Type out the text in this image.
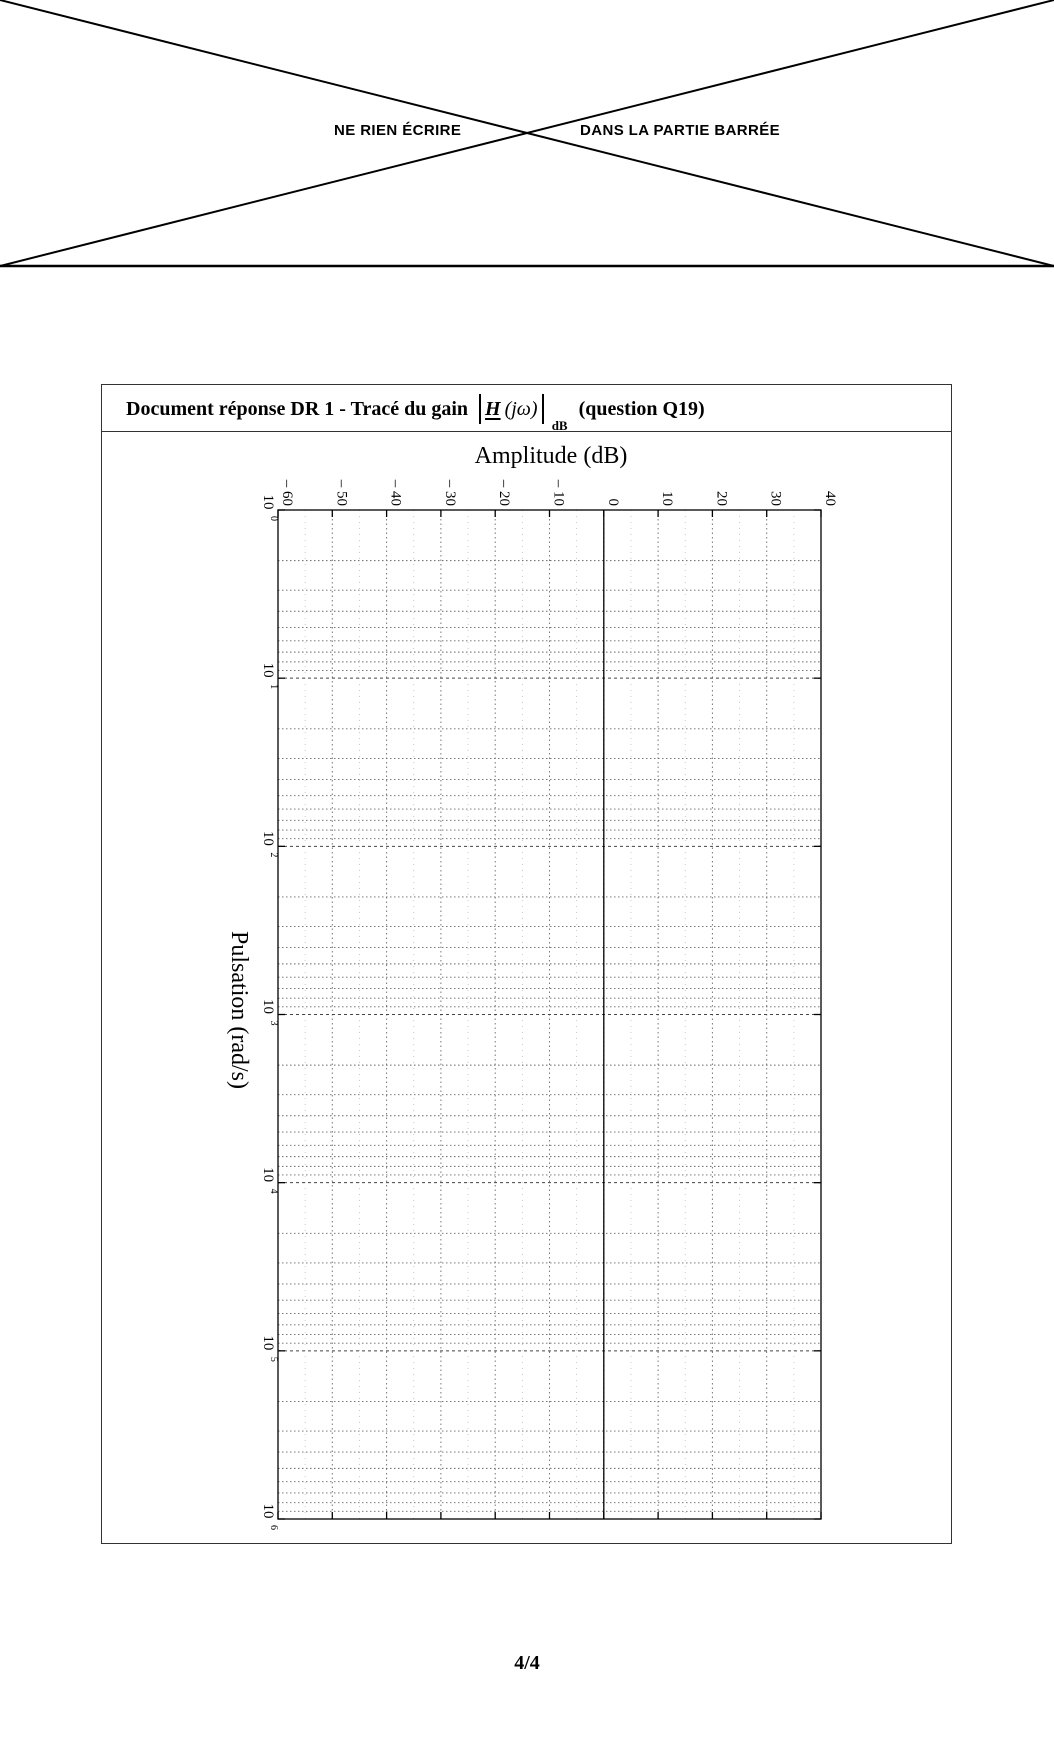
NE RIEN ÉCRIRE	DANS LA PARTIE BARRÉE
Document réponse DR 1 - Tracé du gain H (jω)
dB
(question Q19)
– 60	– 50	– 40	– 30	– 20	– 10	0	10	20	30	40
10
0
10
1
10
2
10
3
10
4
10
5
10
6
Amplitude (dB)
Pulsation (rad/s)
4/4
